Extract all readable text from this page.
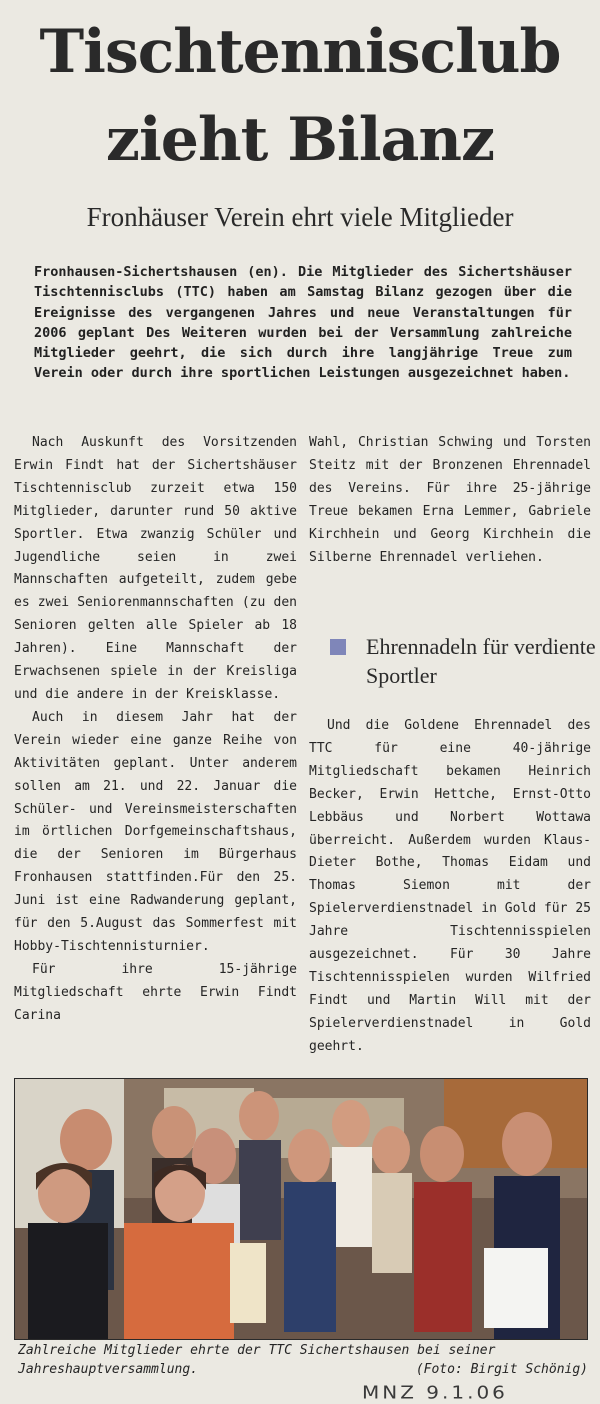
Tischtennisclub
zieht Bilanz
Fronhäuser Verein ehrt viele Mitglieder
Fronhausen-Sichertshausen (en). Die Mitglieder des Sichertshäuser Tischtennisclubs (TTC) haben am Samstag Bilanz gezogen über die Ereignisse des vergangenen Jahres und neue Veranstaltungen für 2006 geplant Des Weiteren wurden bei der Versammlung zahlreiche Mitglieder geehrt, die sich durch ihre langjährige Treue zum Verein oder durch ihre sportlichen Leistungen ausgezeichnet haben.

Nach Auskunft des Vorsitzenden Erwin Findt hat der Sichertshäuser Tischtennisclub zurzeit etwa 150 Mitglieder, darunter rund 50 aktive Sportler. Etwa zwanzig Schüler und Jugendliche seien in zwei Mannschaften aufgeteilt, zudem gebe es zwei Seniorenmannschaften (zu den Senioren gelten alle Spieler ab 18 Jahren). Eine Mannschaft der Erwachsenen spiele in der Kreisliga und die andere in der Kreisklasse.

Auch in diesem Jahr hat der Verein wieder eine ganze Reihe von Aktivitäten geplant. Unter anderem sollen am 21. und 22. Januar die Schüler- und Vereinsmeisterschaften im örtlichen Dorfgemeinschaftshaus, die der Senioren im Bürgerhaus Fronhausen stattfinden.Für den 25. Juni ist eine Radwanderung geplant, für den 5.August das Sommerfest mit Hobby-Tischtennisturnier.

Für ihre 15-jährige Mitgliedschaft ehrte Erwin Findt Carina

Wahl, Christian Schwing und Torsten Steitz mit der Bronzenen Ehrennadel des Vereins. Für ihre 25-jährige Treue bekamen Erna Lemmer, Gabriele Kirchhein und Georg Kirchhein die Silberne Ehrennadel verliehen.

Ehrennadeln für verdiente Sportler

Und die Goldene Ehrennadel des TTC für eine 40-jährige Mitgliedschaft bekamen Heinrich Becker, Erwin Hettche, Ernst-Otto Lebbäus und Norbert Wottawa überreicht. Außerdem wurden Klaus-Dieter Bothe, Thomas Eidam und Thomas Siemon mit der Spielerverdienstnadel in Gold für 25 Jahre Tischtennisspielen ausgezeichnet. Für 30 Jahre Tischtennisspielen wurden Wilfried Findt und Martin Will mit der Spielerverdienstnadel in Gold geehrt.

Zahlreiche Mitglieder ehrte der TTC Sichertshausen bei seiner Jahreshauptversammlung.	(Foto: Birgit Schönig)
MNZ 9.1.06
